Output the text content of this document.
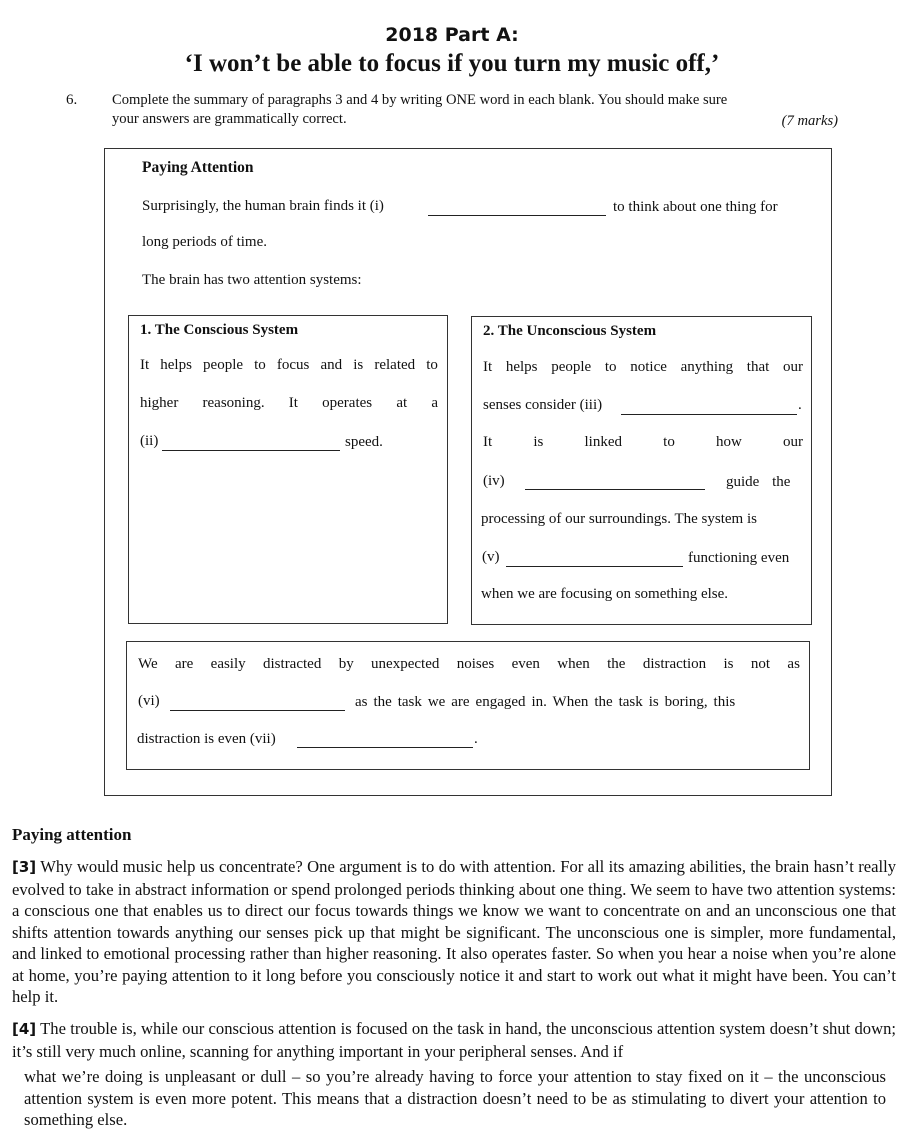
2018 Part A:
‘I won’t be able to focus if you turn my music off,’
6. Complete the summary of paragraphs 3 and 4 by writing ONE word in each blank. You should make sure
your answers are grammatically correct.	(7 marks)
Paying Attention
Surprisingly, the human brain finds it (i)	to think about one thing for
long periods of time.
The brain has two attention systems:
1. The Conscious System
It helps people to focus and is related to
higher reasoning. It operates at a
(ii)	speed.
2. The Unconscious System
It helps people to notice anything that our
senses consider (iii)	.
It	is	linked	to	how	our
(iv)	guide the
processing of our surroundings. The system is
(v)	functioning even
when we are focusing on something else.
We are easily distracted by unexpected noises even when the distraction is not as
(vi)	as the task we are engaged in. When the task is boring, this
distraction is even (vii)	.
Paying attention
[3] Why would music help us concentrate? One argument is to do with attention. For all its amazing abilities, the brain hasn’t really evolved to take in abstract information or spend prolonged periods thinking about one thing. We seem to have two attention systems: a conscious one that enables us to direct our focus towards things we know we want to concentrate on and an unconscious one that shifts attention towards anything our senses pick up that might be significant. The unconscious one is simpler, more fundamental, and linked to emotional processing rather than higher reasoning. It also operates faster. So when you hear a noise when you’re alone at home, you’re paying attention to it long before you consciously notice it and start to work out what it might have been. You can’t help it.
[4] The trouble is, while our conscious attention is focused on the task in hand, the unconscious attention system doesn’t shut down; it’s still very much online, scanning for anything important in your peripheral senses. And if
what we’re doing is unpleasant or dull – so you’re already having to force your attention to stay fixed on it – the unconscious attention system is even more potent. This means that a distraction doesn’t need to be as stimulating to divert your attention to something else.
